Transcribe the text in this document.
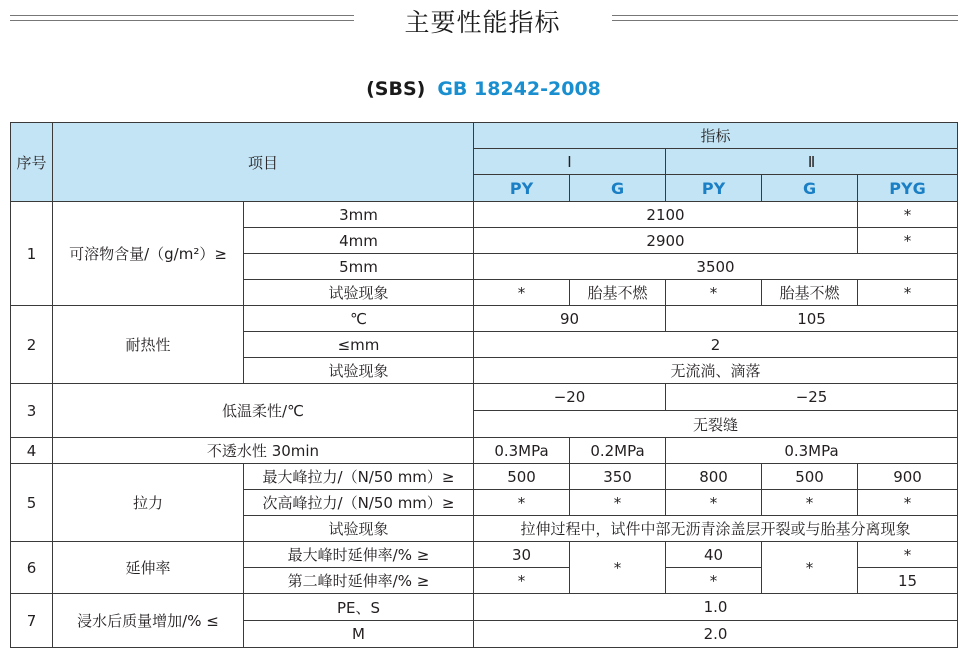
主要性能指标
(SBS) GB 18242-2008
序号	项目		指标				
			Ⅰ		Ⅱ		
			PY	G	PY	G	PYG
1	可溶物含量/（g/m²）≥	3mm	2100				*
		4mm	2900				*
		5mm	3500				
		试验现象	*	胎基不燃	*	胎基不燃	*
2	耐热性	℃	90		105		
		≤mm	2				
		试验现象	无流淌、滴落				
3	低温柔性/℃		−20		−25		
			无裂缝				
4	不透水性 30min		0.3MPa	0.2MPa	0.3MPa		
5	拉力	最大峰拉力/（N/50 mm）≥	500	350	800	500	900
		次高峰拉力/（N/50 mm）≥	*	*	*	*	*
		试验现象	拉伸过程中，试件中部无沥青涂盖层开裂或与胎基分离现象				
6	延伸率	最大峰时延伸率/% ≥	30	*	40	*	*
		第二峰时延伸率/% ≥	*		*		15
7	浸水后质量增加/% ≤	PE、S	1.0				
		M	2.0				
